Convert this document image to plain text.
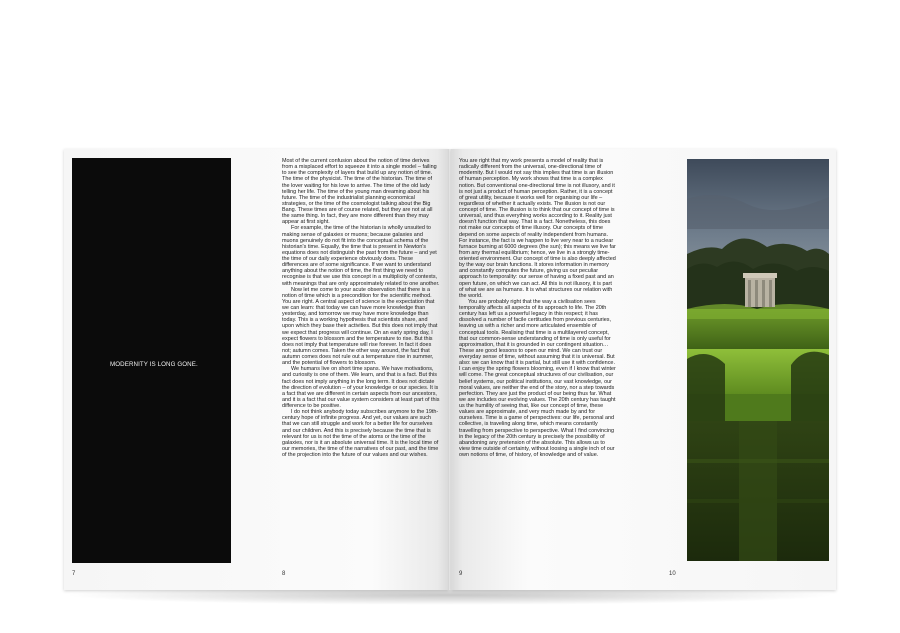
MODERNITY IS LONG GONE.

Most of the current confusion about the notion of time derives from a misplaced effort to squeeze it into a single model – failing to see the complexity of layers that build up any notion of time. The time of the physicist. The time of the historian. The time of the lover waiting for his love to arrive. The time of the old lady telling her life. The time of the young man dreaming about his future. The time of the industrialist planning economical strategies, or the time of the cosmologist talking about the Big Bang. These times are of course related, but they are not at all the same thing. In fact, they are more different than they may appear at first sight.

For example, the time of the historian is wholly unsuited to making sense of galaxies or muons; because galaxies and muons genuinely do not fit into the conceptual schema of the historian's time. Equally, the time that is present in Newton's equations does not distinguish the past from the future – and yet the time of our daily experience obviously does. These differences are of some significance. If we want to understand anything about the notion of time, the first thing we need to recognise is that we use this concept in a multiplicity of contexts, with meanings that are only approximately related to one another.

Now let me come to your acute observation that there is a notion of time which is a precondition for the scientific method. You are right. A central aspect of science is the expectation that we can learn: that today we can have more knowledge than yesterday, and tomorrow we may have more knowledge than today. This is a working hypothesis that scientists share, and upon which they base their activities. But this does not imply that we expect that progress will continue. On an early spring day, I expect flowers to blossom and the temperature to rise. But this does not imply that temperature will rise forever. In fact it does not; autumn comes. Taken the other way around, the fact that autumn comes does not rule out a temperature rise in summer, and the potential of flowers to blossom.

We humans live on short time spans. We have motivations, and curiosity is one of them. We learn, and that is a fact. But this fact does not imply anything in the long term. It does not dictate the direction of evolution – of your knowledge or our species. It is a fact that we are different in certain aspects from our ancestors, and it is a fact that our value system considers at least part of this difference to be positive.

I do not think anybody today subscribes anymore to the 19th-century hope of infinite progress. And yet, our values are such that we can still struggle and work for a better life for ourselves and our children. And this is precisely because the time that is relevant for us is not the time of the atoms or the time of the galaxies, nor is it an absolute universal time. It is the local time of our memories, the time of the narratives of our past, and the time of the projection into the future of our values and our wishes.

7	8

You are right that my work presents a model of reality that is radically different from the universal, one-directional time of modernity. But I would not say this implies that time is an illusion of human perception. My work shows that time is a complex notion. But conventional one-directional time is not illusory, and it is not just a product of human perception. Rather, it is a concept of great utility, because it works well for organising our life – regardless of whether it actually exists. The illusion is not our concept of time. The illusion is to think that our concept of time is universal, and thus everything works according to it. Reality just doesn't function that way. That is a fact. Nonetheless, this does not make our concepts of time illusory. Our concepts of time depend on some aspects of reality independent from humans. For instance, the fact is we happen to live very near to a nuclear furnace burning at 6000 degrees (the sun); this means we live far from any thermal equilibrium; hence, we live in a strongly time-oriented environment. Our concept of time is also deeply affected by the way our brain functions. It stores information in memory and constantly computes the future, giving us our peculiar approach to temporality: our sense of having a fixed past and an open future, on which we can act. All this is not illusory, it is part of what we are as humans. It is what structures our relation with the world.

You are probably right that the way a civilisation sees temporality affects all aspects of its approach to life. The 20th century has left us a powerful legacy in this respect; it has dissolved a number of facile certitudes from previous centuries, leaving us with a richer and more articulated ensemble of conceptual tools. Realising that time is a multilayered concept, that our common-sense understanding of time is only useful for approximation, that it is grounded in our contingent situation… These are good lessons to open our mind. We can trust our everyday sense of time, without assuming that it is universal. But also: we can know that it is partial, but still use it with confidence. I can enjoy the spring flowers blooming, even if I know that winter will come. The great conceptual structures of our civilisation, our belief systems, our political institutions, our vast knowledge, our moral values, are neither the end of the story, nor a step towards perfection. They are just the product of our being thus far. What we are includes our evolving values. The 20th century has taught us the humility of seeing that, like our concept of time, these values are approximate, and very much made by and for ourselves. Time is a game of perspectives: our life, personal and collective, is traveling along time, which means constantly travelling from perspective to perspective. What I find convincing in the legacy of the 20th century is precisely the possibility of abandoning any pretension of the absolute. This allows us to view time outside of certainty, without loosing a single inch of our own notions of time, of history, of knowledge and of value.

9	10
